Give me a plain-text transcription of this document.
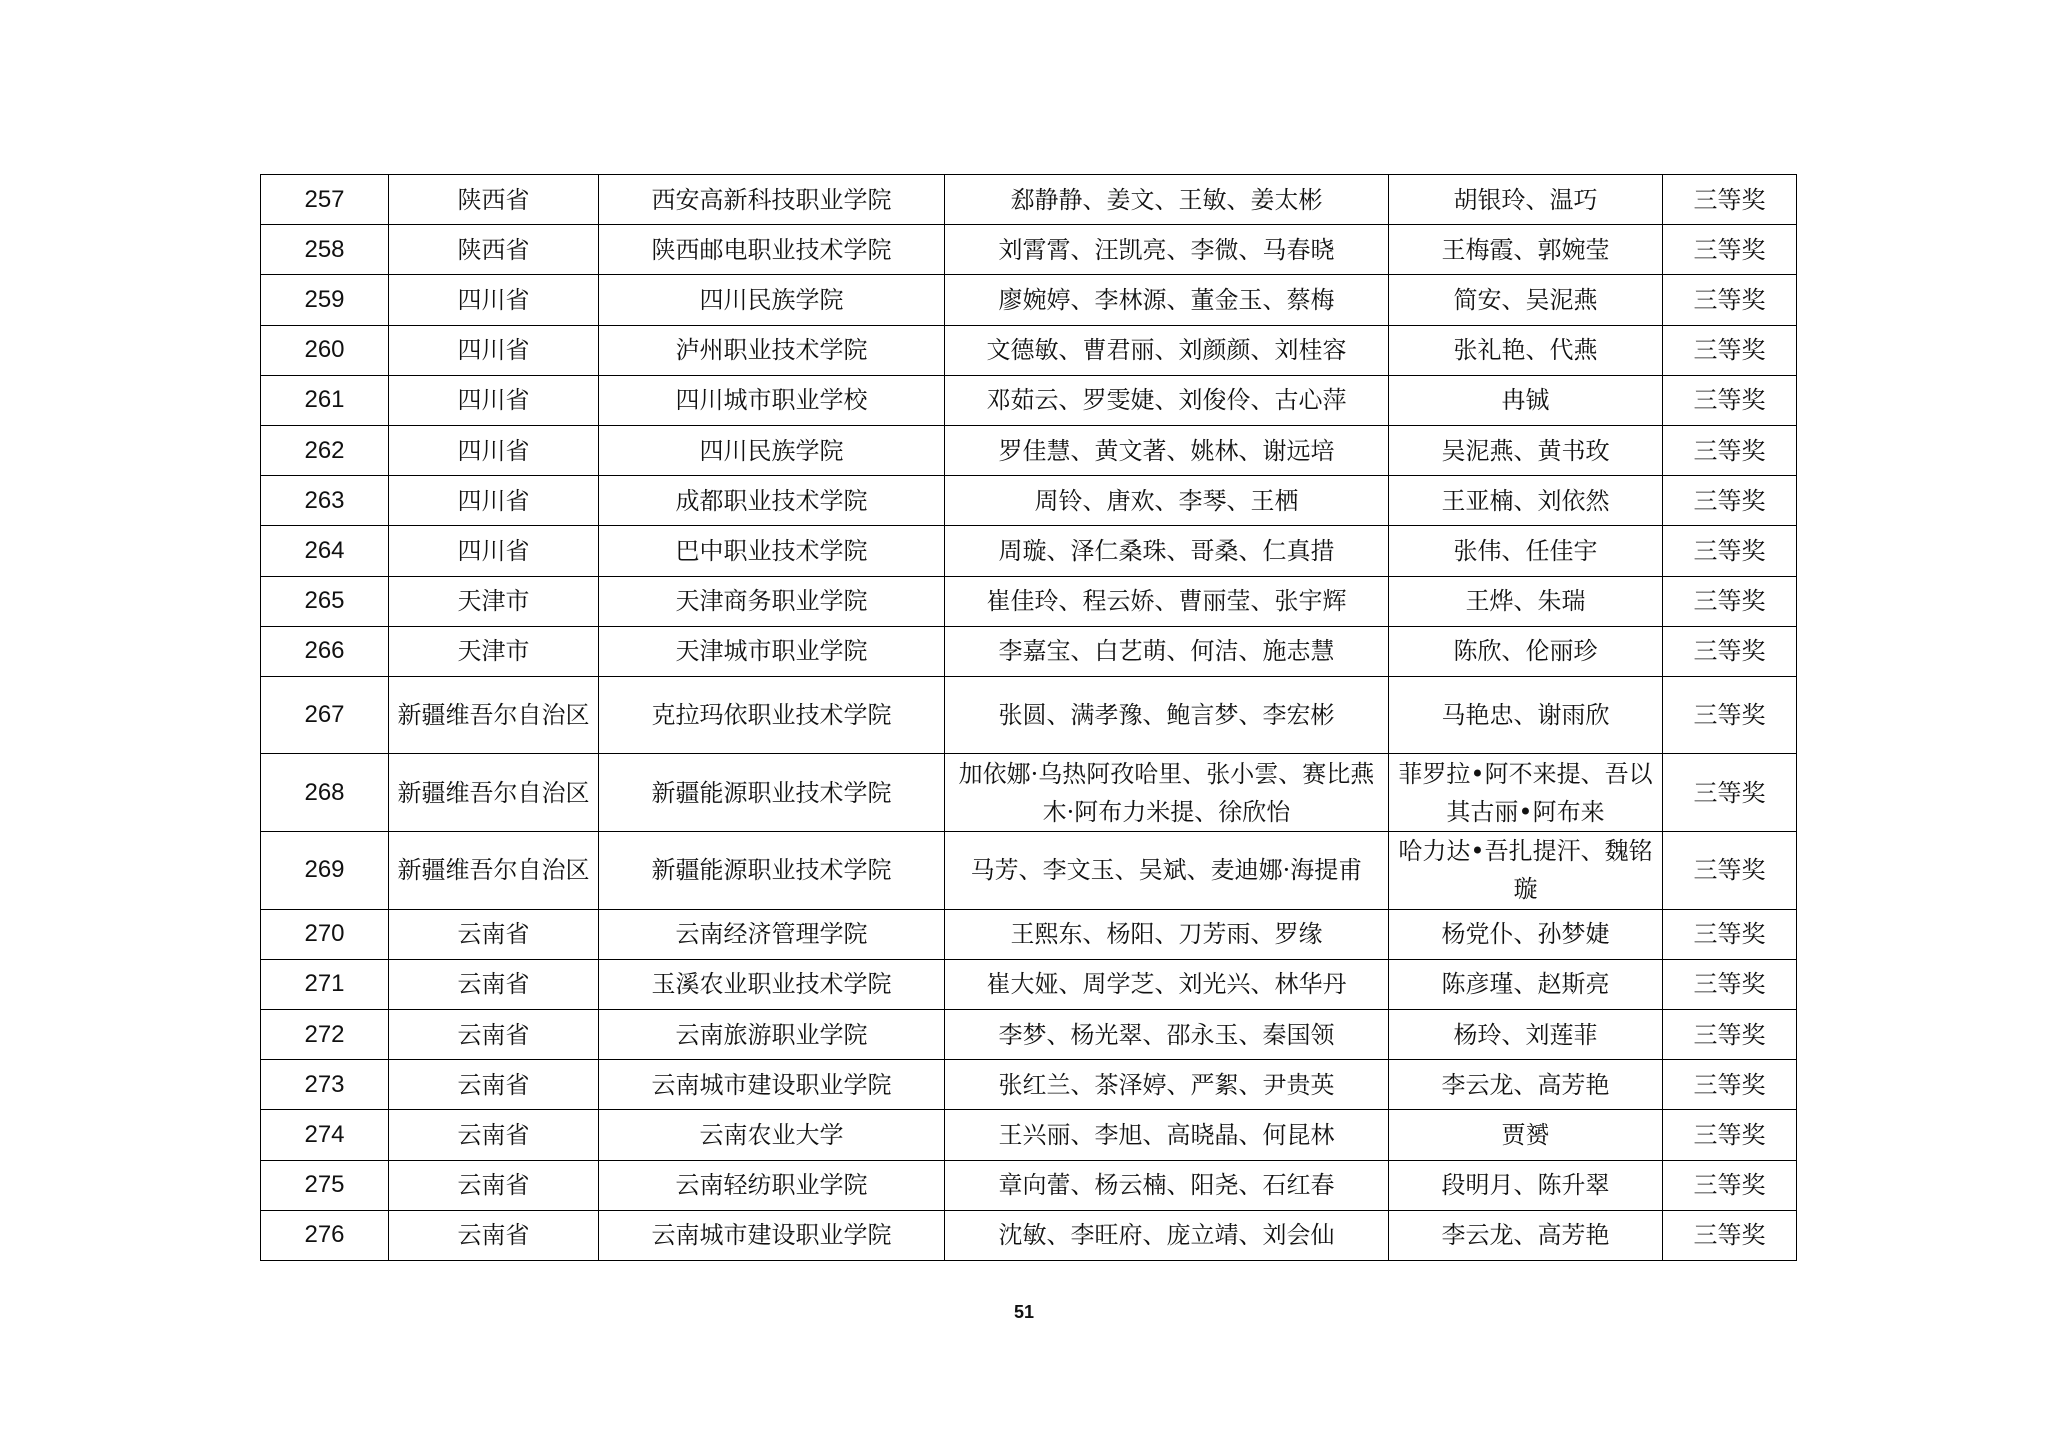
257	陕西省	西安高新科技职业学院	郄静静、姜文、王敏、姜太彬	胡银玲、温巧	三等奖
258	陕西省	陕西邮电职业技术学院	刘霄霄、汪凯亮、李微、马春晓	王梅霞、郭婉莹	三等奖
259	四川省	四川民族学院	廖婉婷、李林源、董金玉、蔡梅	简安、吴泥燕	三等奖
260	四川省	泸州职业技术学院	文德敏、曹君丽、刘颜颜、刘桂容	张礼艳、代燕	三等奖
261	四川省	四川城市职业学校	邓茹云、罗雯婕、刘俊伶、古心萍	冉铖	三等奖
262	四川省	四川民族学院	罗佳慧、黄文著、姚林、谢远培	吴泥燕、黄书玫	三等奖
263	四川省	成都职业技术学院	周铃、唐欢、李琴、王栖	王亚楠、刘依然	三等奖
264	四川省	巴中职业技术学院	周璇、泽仁桑珠、哥桑、仁真措	张伟、任佳宇	三等奖
265	天津市	天津商务职业学院	崔佳玲、程云娇、曹丽莹、张宇辉	王烨、朱瑞	三等奖
266	天津市	天津城市职业学院	李嘉宝、白艺萌、何洁、施志慧	陈欣、伦丽珍	三等奖
267	新疆维吾尔自治区	克拉玛依职业技术学院	张圆、满孝豫、鲍言梦、李宏彬	马艳忠、谢雨欣	三等奖
268	新疆维吾尔自治区	新疆能源职业技术学院	加依娜·乌热阿孜哈里、张小雲、赛比燕木·阿布力米提、徐欣怡	菲罗拉•阿不来提、吾以其古丽•阿布来	三等奖
269	新疆维吾尔自治区	新疆能源职业技术学院	马芳、李文玉、吴斌、麦迪娜·海提甫	哈力达•吾扎提汗、魏铭璇	三等奖
270	云南省	云南经济管理学院	王熙东、杨阳、刀芳雨、罗缘	杨党仆、孙梦婕	三等奖
271	云南省	玉溪农业职业技术学院	崔大娅、周学芝、刘光兴、林华丹	陈彦瑾、赵斯亮	三等奖
272	云南省	云南旅游职业学院	李梦、杨光翠、邵永玉、秦国领	杨玲、刘莲菲	三等奖
273	云南省	云南城市建设职业学院	张红兰、茶泽婷、严絮、尹贵英	李云龙、高芳艳	三等奖
274	云南省	云南农业大学	王兴丽、李旭、高晓晶、何昆林	贾赟	三等奖
275	云南省	云南轻纺职业学院	章向蕾、杨云楠、阳尧、石红春	段明月、陈升翠	三等奖
276	云南省	云南城市建设职业学院	沈敏、李旺府、庞立靖、刘会仙	李云龙、高芳艳	三等奖
51
